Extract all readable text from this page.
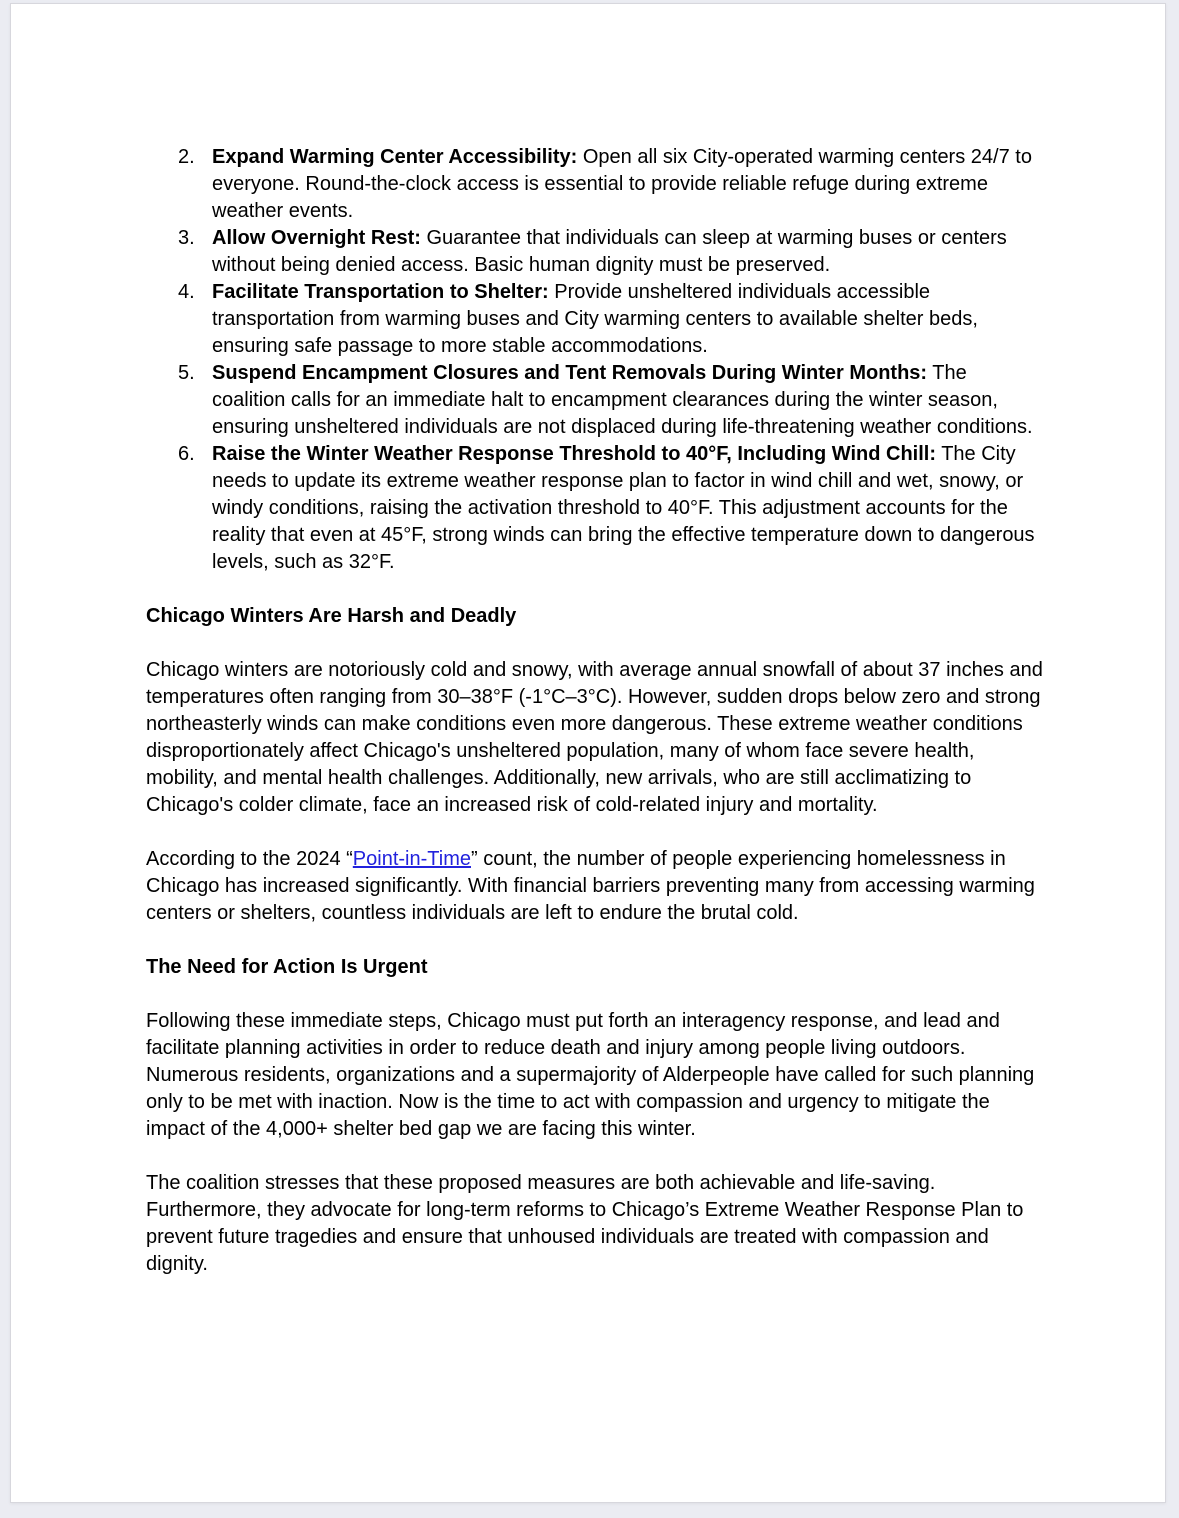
2. Expand Warming Center Accessibility: Open all six City-operated warming centers 24/7 to everyone. Round-the-clock access is essential to provide reliable refuge during extreme weather events.
3. Allow Overnight Rest: Guarantee that individuals can sleep at warming buses or centers without being denied access. Basic human dignity must be preserved.
4. Facilitate Transportation to Shelter: Provide unsheltered individuals accessible transportation from warming buses and City warming centers to available shelter beds, ensuring safe passage to more stable accommodations.
5. Suspend Encampment Closures and Tent Removals During Winter Months: The coalition calls for an immediate halt to encampment clearances during the winter season, ensuring unsheltered individuals are not displaced during life-threatening weather conditions.
6. Raise the Winter Weather Response Threshold to 40°F, Including Wind Chill: The City needs to update its extreme weather response plan to factor in wind chill and wet, snowy, or windy conditions, raising the activation threshold to 40°F. This adjustment accounts for the reality that even at 45°F, strong winds can bring the effective temperature down to dangerous levels, such as 32°F.
Chicago Winters Are Harsh and Deadly

Chicago winters are notoriously cold and snowy, with average annual snowfall of about 37 inches and temperatures often ranging from 30–38°F (-1°C–3°C). However, sudden drops below zero and strong northeasterly winds can make conditions even more dangerous. These extreme weather conditions disproportionately affect Chicago's unsheltered population, many of whom face severe health, mobility, and mental health challenges. Additionally, new arrivals, who are still acclimatizing to Chicago's colder climate, face an increased risk of cold-related injury and mortality.

According to the 2024 “Point-in-Time” count, the number of people experiencing homelessness in Chicago has increased significantly. With financial barriers preventing many from accessing warming centers or shelters, countless individuals are left to endure the brutal cold.

The Need for Action Is Urgent

Following these immediate steps, Chicago must put forth an interagency response, and lead and facilitate planning activities in order to reduce death and injury among people living outdoors. Numerous residents, organizations and a supermajority of Alderpeople have called for such planning only to be met with inaction. Now is the time to act with compassion and urgency to mitigate the impact of the 4,000+ shelter bed gap we are facing this winter.

The coalition stresses that these proposed measures are both achievable and life-saving. Furthermore, they advocate for long-term reforms to Chicago’s Extreme Weather Response Plan to prevent future tragedies and ensure that unhoused individuals are treated with compassion and dignity.
